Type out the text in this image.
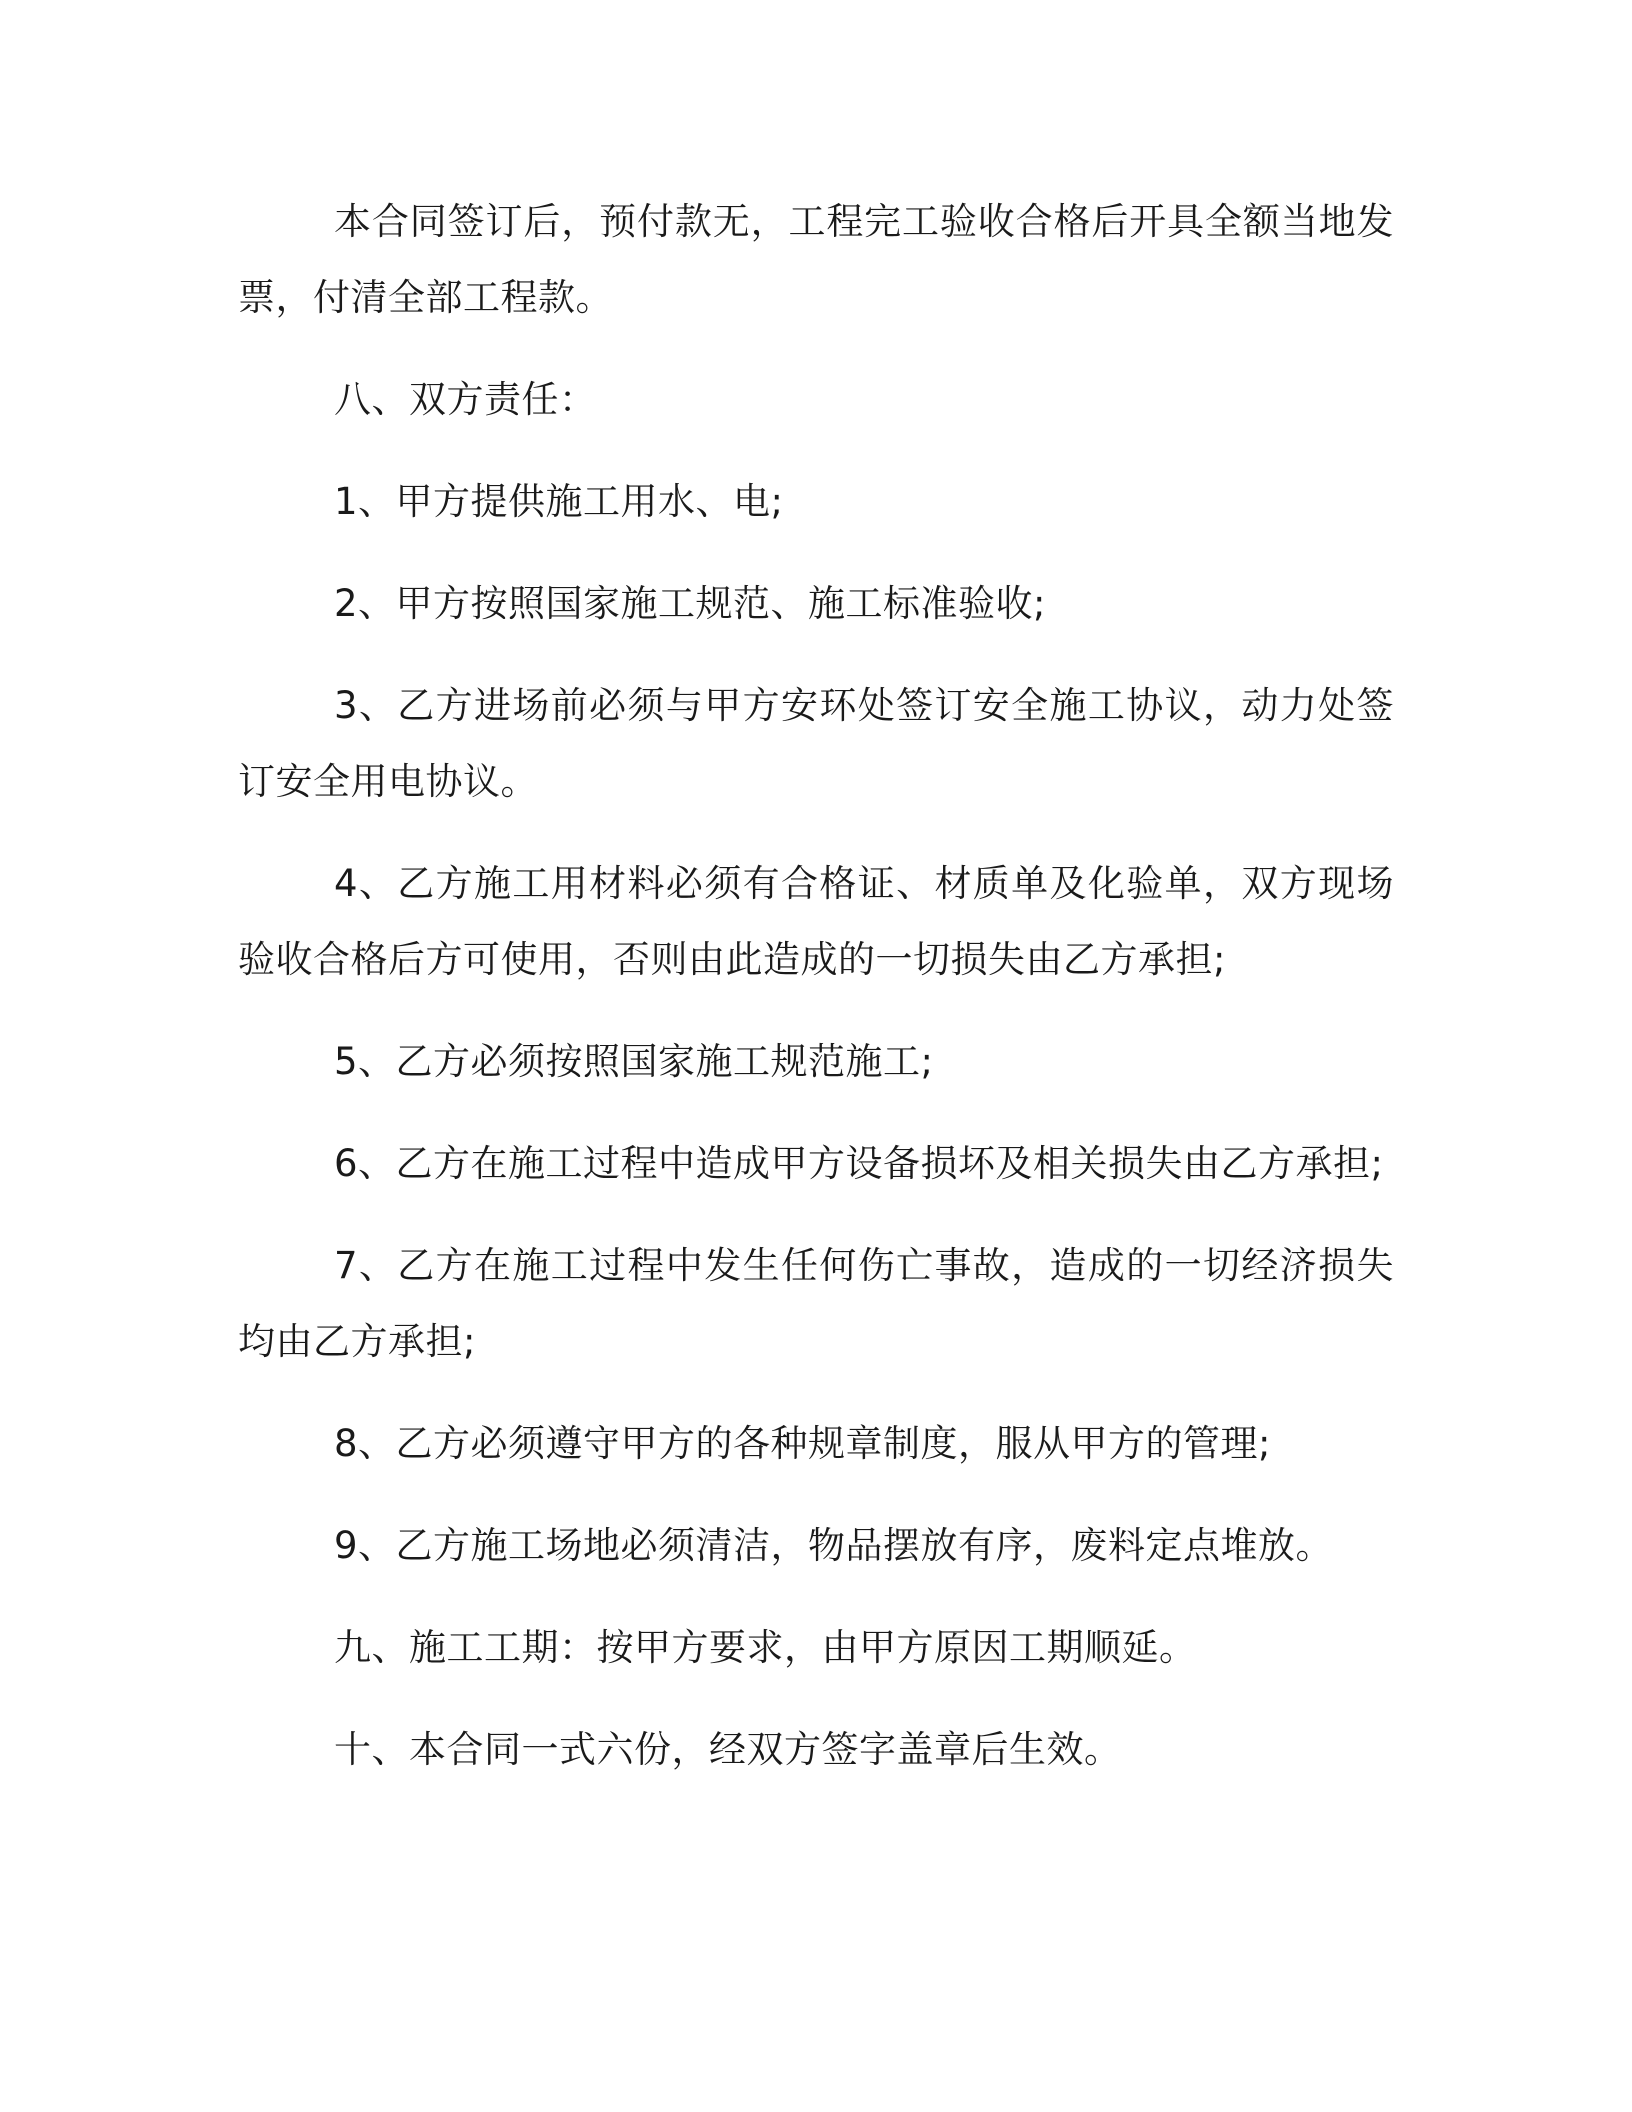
本合同签订后，预付款无，工程完工验收合格后开具全额当地发票，付清全部工程款。

八、双方责任：

1、甲方提供施工用水、电;

2、甲方按照国家施工规范、施工标准验收;

3、乙方进场前必须与甲方安环处签订安全施工协议，动力处签订安全用电协议。

4、乙方施工用材料必须有合格证、材质单及化验单，双方现场验收合格后方可使用，否则由此造成的一切损失由乙方承担;

5、乙方必须按照国家施工规范施工;

6、乙方在施工过程中造成甲方设备损坏及相关损失由乙方承担;

7、乙方在施工过程中发生任何伤亡事故，造成的一切经济损失均由乙方承担;

8、乙方必须遵守甲方的各种规章制度，服从甲方的管理;

9、乙方施工场地必须清洁，物品摆放有序，废料定点堆放。

九、施工工期：按甲方要求，由甲方原因工期顺延。

十、本合同一式六份，经双方签字盖章后生效。
